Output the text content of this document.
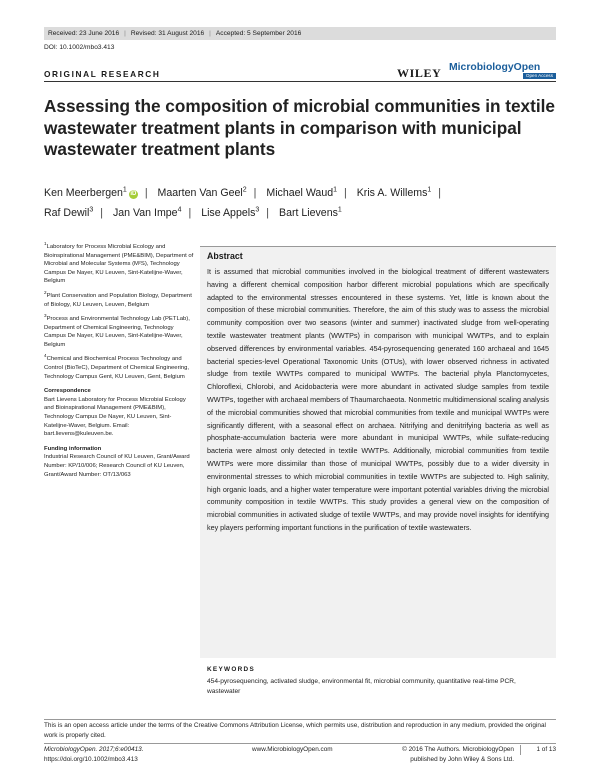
Received: 23 June 2016 | Revised: 31 August 2016 | Accepted: 5 September 2016
DOI: 10.1002/mbo3.413
ORIGINAL RESEARCH	WILEY MicrobiologyOpen
Open Access
Assessing the composition of microbial communities in textile wastewater treatment plants in comparison with municipal wastewater treatment plants
Ken Meerbergen$^1$iD | Maarten Van Geel$^2$ | Michael Waud$^1$ | Kris A. Willems$^1$ |
Raf Dewil$^3$ | Jan Van Impe$^4$ | Lise Appels$^3$ | Bart Lievens$^1$
$^1$Laboratory for Process Microbial Ecology and Bioinspirational Management (PME&BIM), Department of Microbial and Molecular Systems (M²S), Technology Campus De Nayer, KU Leuven, Sint-Katelijne-Waver, Belgium
$^2$Plant Conservation and Population Biology, Department of Biology, KU Leuven, Leuven, Belgium
$^3$Process and Environmental Technology Lab (PETLab), Department of Chemical Engineering, Technology Campus De Nayer, KU Leuven, Sint-Katelijne-Waver, Belgium
$^4$Chemical and Biochemical Process Technology and Control (BioTeC), Department of Chemical Engineering, Technology Campus Gent, KU Leuven, Gent, Belgium
Correspondence
Bart Lievens Laboratory for Process Microbial Ecology and Bioinspirational Management (PME&BIM), Technology Campus De Nayer, KU Leuven, Sint-Katelijne-Waver, Belgium. Email: bart.lievens@kuleuven.be.
Funding information
Industrial Research Council of KU Leuven, Grant/Award Number: KP/10/006; Research Council of KU Leuven, Grant/Award Number: OT/13/063
Abstract
It is assumed that microbial communities involved in the biological treatment of different wastewaters having a different chemical composition harbor different microbial populations which are specifically adapted to the environmental stresses encountered in these systems. Yet, little is known about the composition of these microbial communities. Therefore, the aim of this study was to assess the microbial community composition over two seasons (winter and summer) inactivated sludge from well-operating textile wastewater treatment plants (WWTPs) in comparison with municipal WWTPs, and to explain observed differences by environmental variables. 454-pyrosequencing generated 160 archaeal and 1645 bacterial species-level Operational Taxonomic Units (OTUs), with lower observed richness in activated sludge from textile WWTPs compared to municipal WWTPs. The bacterial phyla Planctomycetes, Chloroflexi, Chlorobi, and Acidobacteria were more abundant in activated sludge samples from textile WWTPs, together with archaeal members of Thaumarchaeota. Nonmetric multidimensional scaling analysis of the microbial communities showed that microbial communities from textile and municipal WWTPs were significantly different, with a seasonal effect on archaea. Nitrifying and denitrifying bacteria as well as phosphate-accumulation bacteria were more abundant in municipal WWTPs, while sulfate-reducing bacteria were almost only detected in textile WWTPs. Additionally, microbial communities from textile WWTPs were more dissimilar than those of municipal WWTPs, possibly due to a wider diversity in environmental stresses to which microbial communities in textile WWTPs are subjected to. High salinity, high organic loads, and a higher water temperature were important potential variables driving the microbial community composition in textile WWTPs. This study provides a general view on the composition of microbial communities in activated sludge of textile WWTPs, and may provide novel insights for identifying key players performing important functions in the purification of textile wastewaters.
KEYWORDS
454-pyrosequencing, activated sludge, environmental fit, microbial community, quantitative real-time PCR, wastewater
This is an open access article under the terms of the Creative Commons Attribution License, which permits use, distribution and reproduction in any medium, provided the original work is properly cited.
MicrobiologyOpen. 2017;6:e00413.
https://doi.org/10.1002/mbo3.413
www.MicrobiologyOpen.com	© 2016 The Authors. MicrobiologyOpen
published by John Wiley & Sons Ltd.
1 of 13
